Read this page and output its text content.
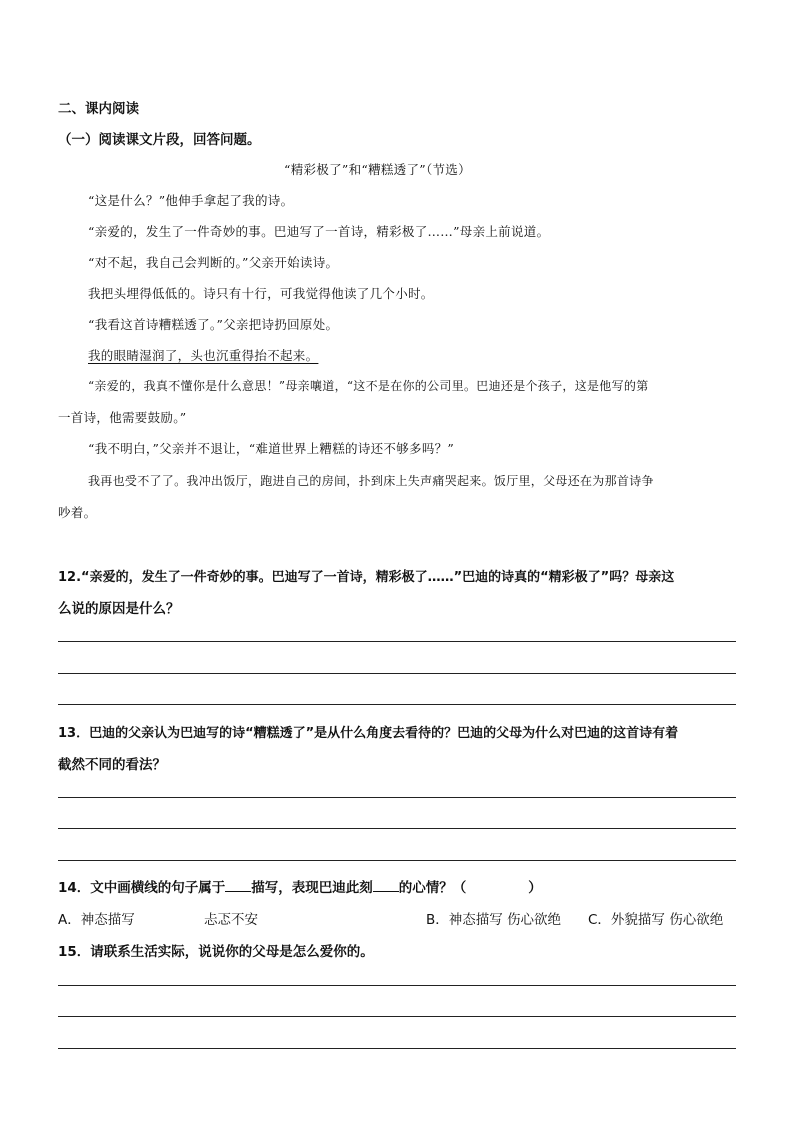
二、课内阅读
（一）阅读课文片段，回答问题。
“精彩极了”和“糟糕透了”（节选）
“这是什么？”他伸手拿起了我的诗。
“亲爱的，发生了一件奇妙的事。巴迪写了一首诗，精彩极了……”母亲上前说道。
“对不起，我自己会判断的。”父亲开始读诗。
我把头埋得低低的。诗只有十行，可我觉得他读了几个小时。
“我看这首诗糟糕透了。”父亲把诗扔回原处。
我的眼睛湿润了，头也沉重得抬不起来。
“亲爱的，我真不懂你是什么意思！”母亲嚷道，“这不是在你的公司里。巴迪还是个孩子，这是他写的第
一首诗，他需要鼓励。”
“我不明白，”父亲并不退让，“难道世界上糟糕的诗还不够多吗？”
我再也受不了了。我冲出饭厅，跑进自己的房间，扑到床上失声痛哭起来。饭厅里，父母还在为那首诗争
吵着。
12.“亲爱的，发生了一件奇妙的事。巴迪写了一首诗，精彩极了……”巴迪的诗真的“精彩极了”吗？母亲这
么说的原因是什么？
13．巴迪的父亲认为巴迪写的诗“糟糕透了”是从什么角度去看待的？巴迪的父母为什么对巴迪的这首诗有着
截然不同的看法？
14．文中画横线的句子属于 描写，表现巴迪此刻 的心情？（	）
A．神态描写	忐忑不安	B．神态描写 伤心欲绝 C．外貌描写 伤心欲绝
15．请联系生活实际，说说你的父母是怎么爱你的。
